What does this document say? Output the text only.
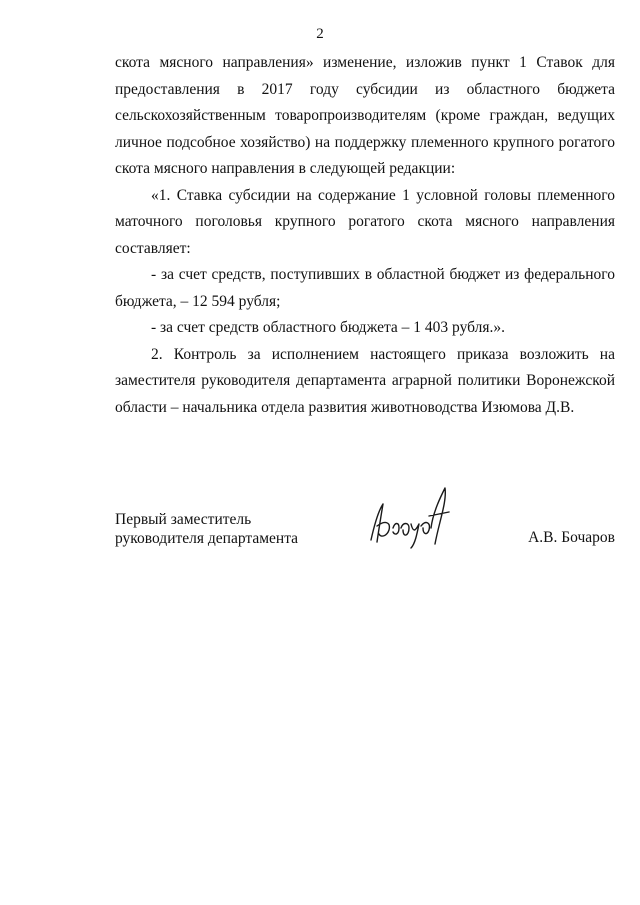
2

скота мясного направления» изменение, изложив пункт 1 Ставок для предоставления в 2017 году субсидии из областного бюджета сельскохозяйственным товаропроизводителям (кроме граждан, ведущих личное подсобное хозяйство) на поддержку племенного крупного рогатого скота мясного направления в следующей редакции:

«1. Ставка субсидии на содержание 1 условной головы племенного маточного поголовья крупного рогатого скота мясного направления составляет:

- за счет средств, поступивших в областной бюджет из федерального бюджета, – 12 594 рубля;

- за счет средств областного бюджета – 1 403 рубля.».

2. Контроль за исполнением настоящего приказа возложить на заместителя руководителя департамента аграрной политики Воронежской области – начальника отдела развития животноводства Изюмова Д.В.

Первый заместитель
руководителя департамента	А.В. Бочаров
